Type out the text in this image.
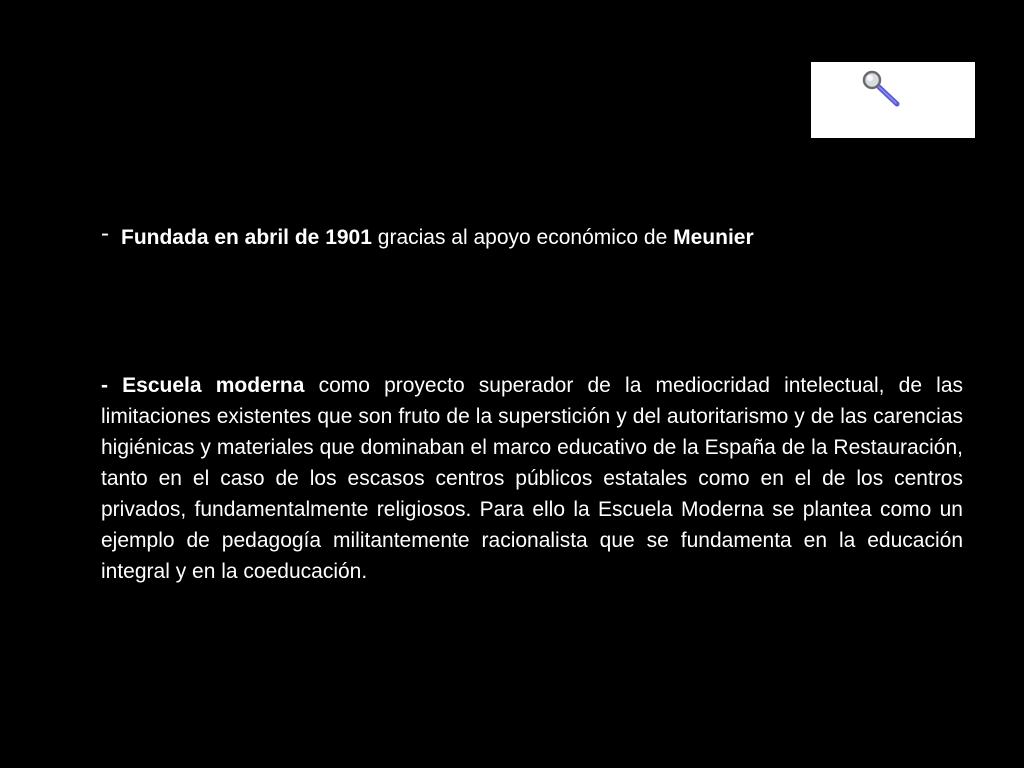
- Fundada en abril de 1901 gracias al apoyo económico de Meunier
- Escuela moderna como proyecto superador de la mediocridad intelectual, de las limitaciones existentes que son fruto de la superstición y del autoritarismo y de las carencias higiénicas y materiales que dominaban el marco educativo de la España de la Restauración, tanto en el caso de los escasos centros públicos estatales como en el de los centros privados, fundamentalmente religiosos. Para ello la Escuela Moderna se plantea como un ejemplo de pedagogía militantemente racionalista que se fundamenta en la educación integral y en la coeducación.
